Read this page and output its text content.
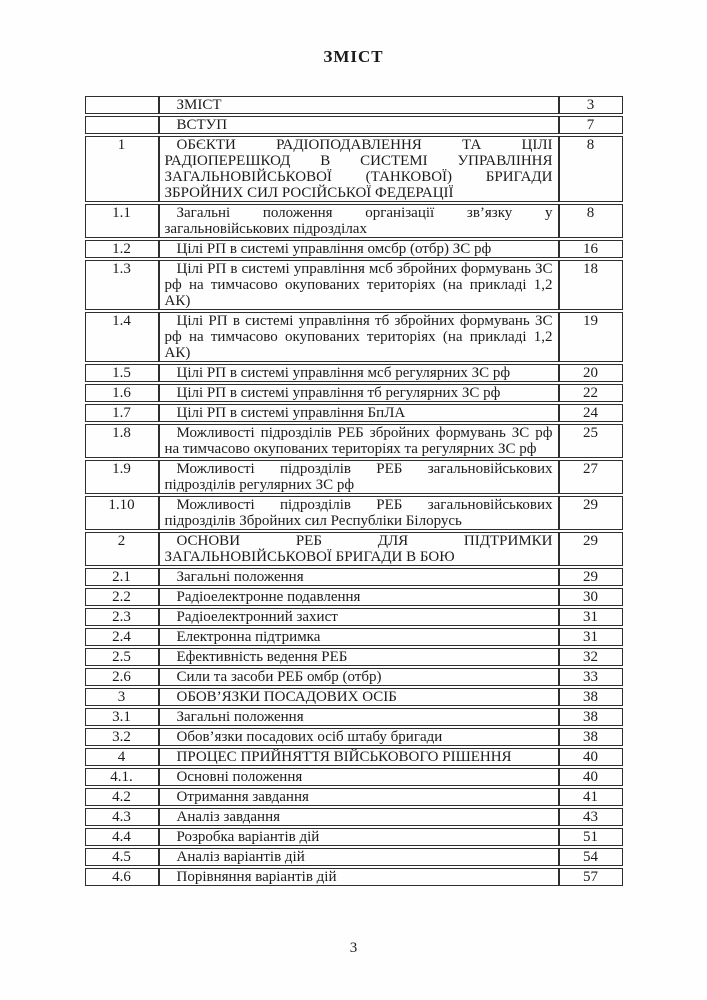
ЗМІСТ
	ЗМІСТ	3
	ВСТУП	7
1	ОБЄКТИ РАДІОПОДАВЛЕННЯ ТА ЦІЛІ РАДІОПЕРЕШКОД В СИСТЕМІ УПРАВЛІННЯ ЗАГАЛЬНОВІЙСЬКОВОЇ (ТАНКОВОЇ) БРИГАДИ ЗБРОЙНИХ СИЛ РОСІЙСЬКОЇ ФЕДЕРАЦІЇ	8
1.1	Загальні положення організації зв’язку у загальновійськових підрозділах	8
1.2	Цілі РП в системі управління омсбр (отбр) ЗС рф	16
1.3	Цілі РП в системі управління мсб збройних формувань ЗС рф на тимчасово окупованих територіях (на прикладі 1,2 АК)	18
1.4	Цілі РП в системі управління тб збройних формувань ЗС рф на тимчасово окупованих територіях (на прикладі 1,2 АК)	19
1.5	Цілі РП в системі управління мсб регулярних ЗС рф	20
1.6	Цілі РП в системі управління тб регулярних ЗС рф	22
1.7	Цілі РП в системі управління БпЛА	24
1.8	Можливості підрозділів РЕБ збройних формувань ЗС рф на тимчасово окупованих територіях та регулярних ЗС рф	25
1.9	Можливості підрозділів РЕБ загальновійськових підрозділів регулярних ЗС рф	27
1.10	Можливості підрозділів РЕБ загальновійськових підрозділів Збройних сил Республіки Білорусь	29
2	ОСНОВИ РЕБ ДЛЯ ПІДТРИМКИ ЗАГАЛЬНОВІЙСЬКОВОЇ БРИГАДИ В БОЮ	29
2.1	Загальні положення	29
2.2	Радіоелектронне подавлення	30
2.3	Радіоелектронний захист	31
2.4	Електронна підтримка	31
2.5	Ефективність ведення РЕБ	32
2.6	Сили та засоби РЕБ омбр (отбр)	33
3	ОБОВ’ЯЗКИ ПОСАДОВИХ ОСІБ	38
3.1	Загальні положення	38
3.2	Обов’язки посадових осіб штабу бригади	38
4	ПРОЦЕС ПРИЙНЯТТЯ ВІЙСЬКОВОГО РІШЕННЯ	40
4.1.	Основні положення	40
4.2	Отримання завдання	41
4.3	Аналіз завдання	43
4.4	Розробка варіантів дій	51
4.5	Аналіз варіантів дій	54
4.6	Порівняння варіантів дій	57
3
